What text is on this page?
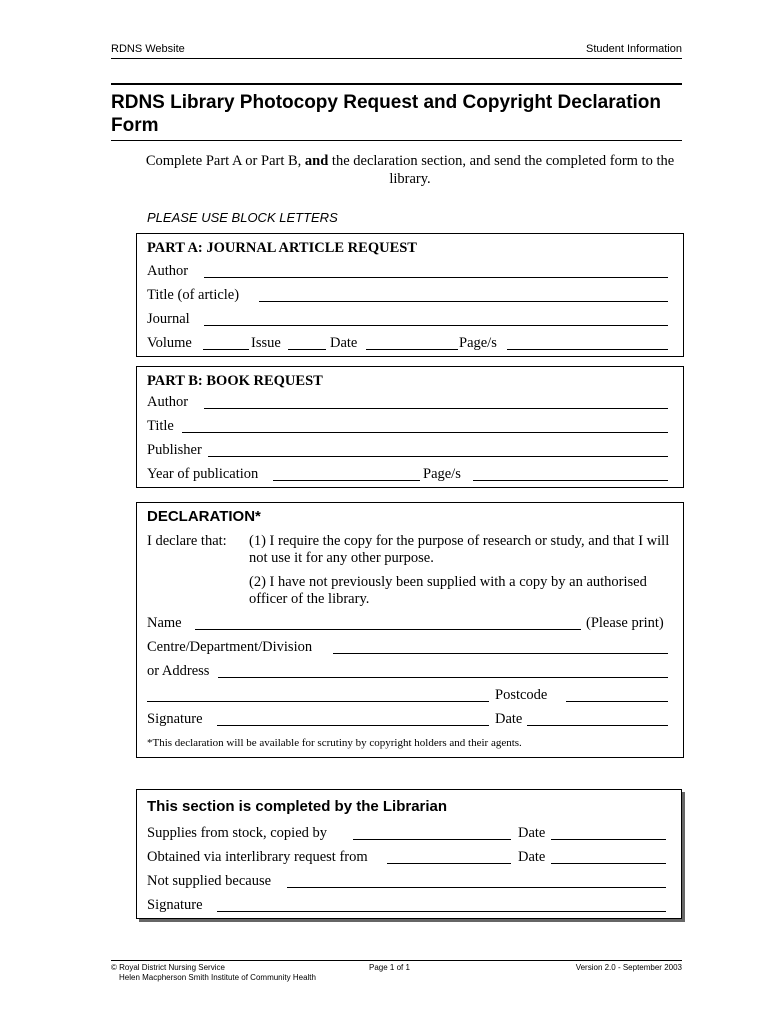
RDNS Website	Student Information
RDNS Library Photocopy Request and Copyright Declaration Form
Complete Part A or Part B, and the declaration section, and send the completed form to the library.
PLEASE USE BLOCK LETTERS
PART A: JOURNAL ARTICLE REQUEST
Author
Title (of article)
Journal
Volume	Issue	Date	Page/s
PART B: BOOK REQUEST
Author
Title
Publisher
Year of publication	Page/s
DECLARATION*
I declare that: (1) I require the copy for the purpose of research or study, and that I will not use it for any other purpose.
(2) I have not previously been supplied with a copy by an authorised officer of the library.
Name	(Please print)
Centre/Department/Division
or Address
Postcode
Signature	Date
*This declaration will be available for scrutiny by copyright holders and their agents.
This section is completed by the Librarian
Supplies from stock, copied by	Date
Obtained via interlibrary request from	Date
Not supplied because
Signature
© Royal District Nursing Service
Helen Macpherson Smith Institute of Community Health
Page 1 of 1	Version 2.0 - September 2003
